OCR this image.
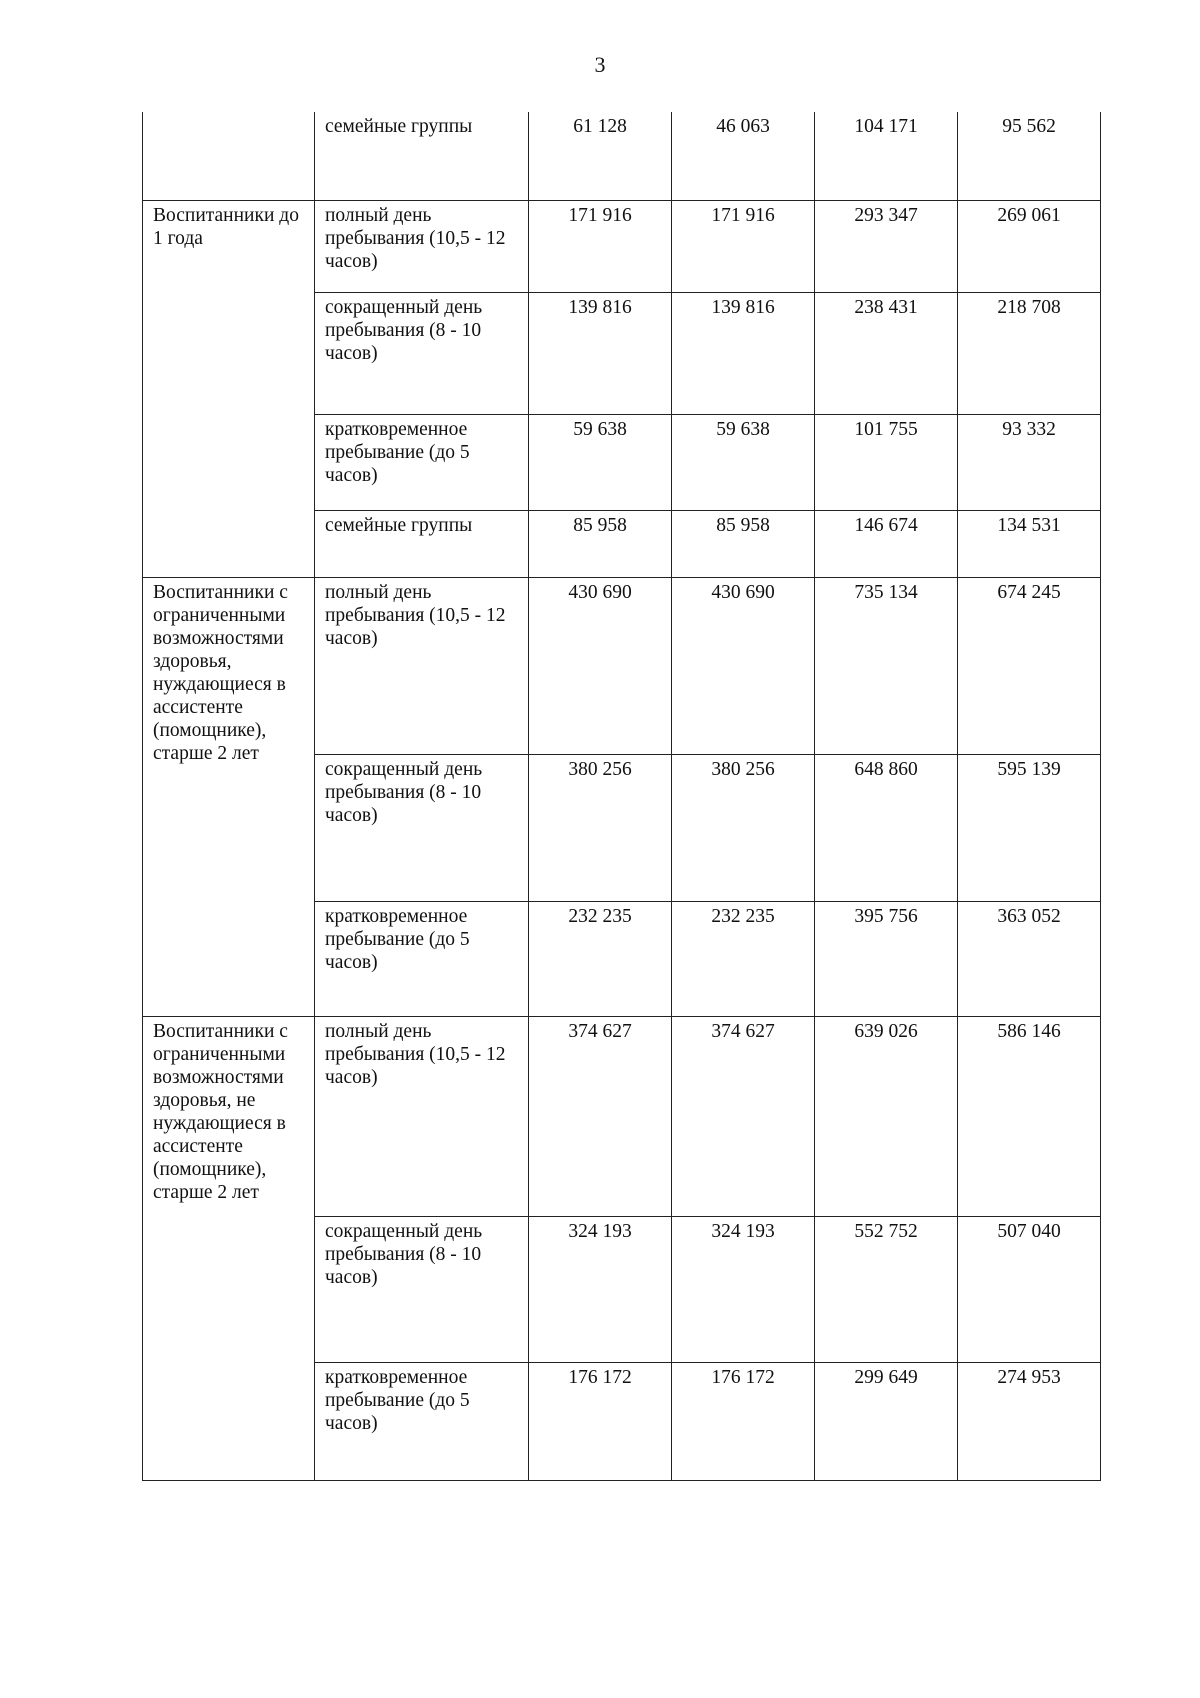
3
	семейные группы	61 128	46 063	104 171	95 562
Воспитанники до 1 года	полный день пребывания (10,5 - 12 часов)	171 916	171 916	293 347	269 061
	сокращенный день пребывания (8 - 10 часов)	139 816	139 816	238 431	218 708
	кратковременное пребывание (до 5 часов)	59 638	59 638	101 755	93 332
	семейные группы	85 958	85 958	146 674	134 531
Воспитанники с ограниченными возможностями здоровья, нуждающиеся в ассистенте (помощнике), старше 2 лет	полный день пребывания (10,5 - 12 часов)	430 690	430 690	735 134	674 245
	сокращенный день пребывания (8 - 10 часов)	380 256	380 256	648 860	595 139
	кратковременное пребывание (до 5 часов)	232 235	232 235	395 756	363 052
Воспитанники с ограниченными возможностями здоровья, не нуждающиеся в ассистенте (помощнике), старше 2 лет	полный день пребывания (10,5 - 12 часов)	374 627	374 627	639 026	586 146
	сокращенный день пребывания (8 - 10 часов)	324 193	324 193	552 752	507 040
	кратковременное пребывание (до 5 часов)	176 172	176 172	299 649	274 953
